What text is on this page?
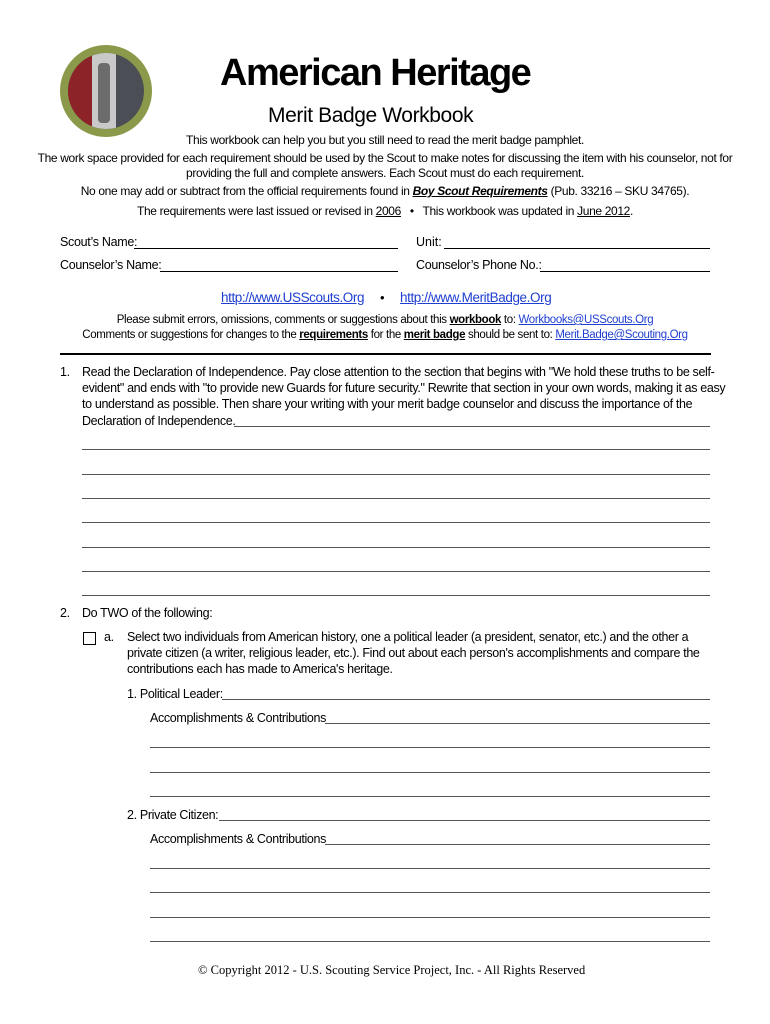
American Heritage
Merit Badge Workbook
This workbook can help you but you still need to read the merit badge pamphlet.
The work space provided for each requirement should be used by the Scout to make notes for discussing the item with his counselor, not for
providing the full and complete answers. Each Scout must do each requirement.
No one may add or subtract from the official requirements found in Boy Scout Requirements (Pub. 33216 – SKU 34765).
The requirements were last issued or revised in 2006   •   This workbook was updated in June 2012.
Scout’s Name:	Unit:
Counselor’s Name:	Counselor’s Phone No.:
http://www.USScouts.Org • http://www.MeritBadge.Org
Please submit errors, omissions, comments or suggestions about this workbook to: Workbooks@USScouts.Org
Comments or suggestions for changes to the requirements for the merit badge should be sent to: Merit.Badge@Scouting.Org
1. Read the Declaration of Independence. Pay close attention to the section that begins with "We hold these truths to be self-
evident" and ends with "to provide new Guards for future security." Rewrite that section in your own words, making it as easy
to understand as possible. Then share your writing with your merit badge counselor and discuss the importance of the
Declaration of Independence.
2. Do TWO of the following:
a. Select two individuals from American history, one a political leader (a president, senator, etc.) and the other a
private citizen (a writer, religious leader, etc.). Find out about each person's accomplishments and compare the
contributions each has made to America's heritage.
1. Political Leader:
Accomplishments & Contributions
2. Private Citizen:
Accomplishments & Contributions
© Copyright 2012 - U.S. Scouting Service Project, Inc. - All Rights Reserved
